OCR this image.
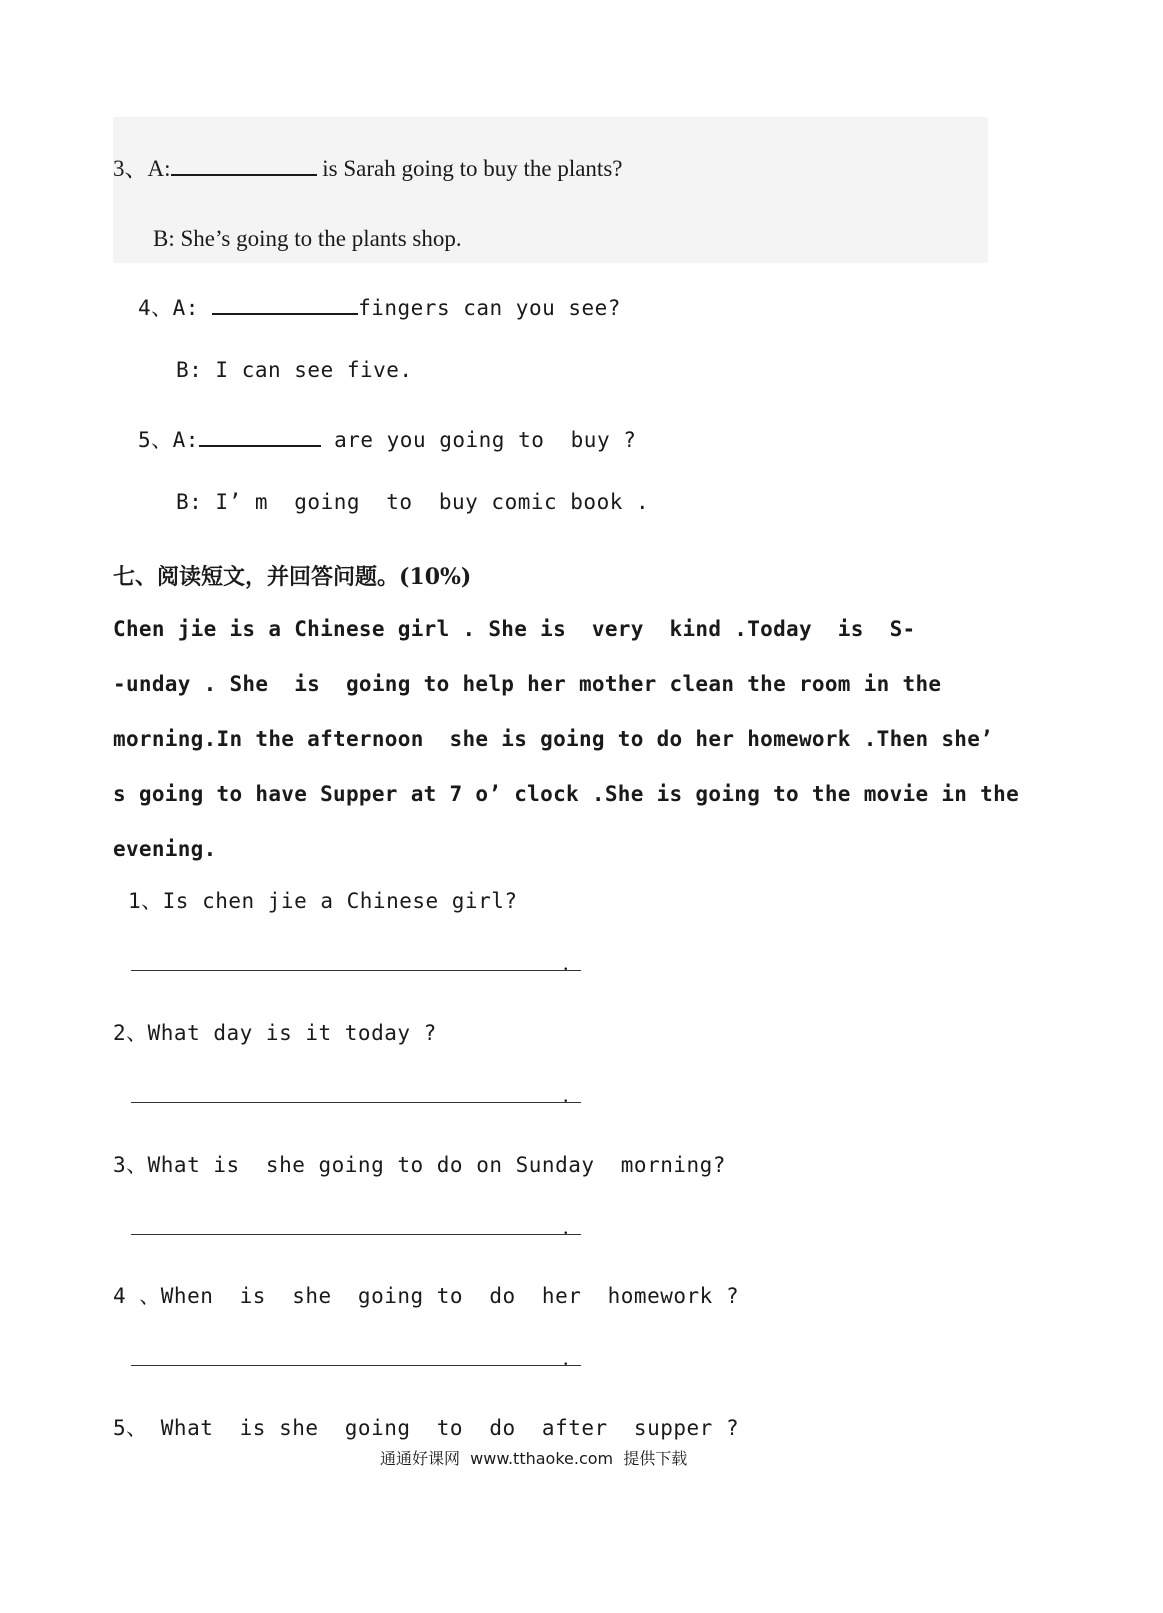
3、A:	is Sarah going to buy the plants?
B: She’s going to the plants shop.
4、A:	fingers can you see?
B: I can see five.
5、A:	are you going to  buy ?
B: I’ m  going  to  buy comic book .
七、阅读短文，并回答问题。(10%)
Chen jie is a Chinese girl . She is  very  kind .Today  is  S-
-unday . She  is  going to help her mother clean the room in the
morning.In the afternoon  she is going to do her homework .Then she’
s going to have Supper at 7 o’ clock .She is going to the movie in the
evening.
1、Is chen jie a Chinese girl?
.
2、What day is it today ?
.
3、What is  she going to do on Sunday  morning?
.
4 、When  is  she  going to  do  her  homework ?
.
5、 What  is she  going  to  do  after  supper ?
通通好课网  www.tthaoke.com  提供下载
